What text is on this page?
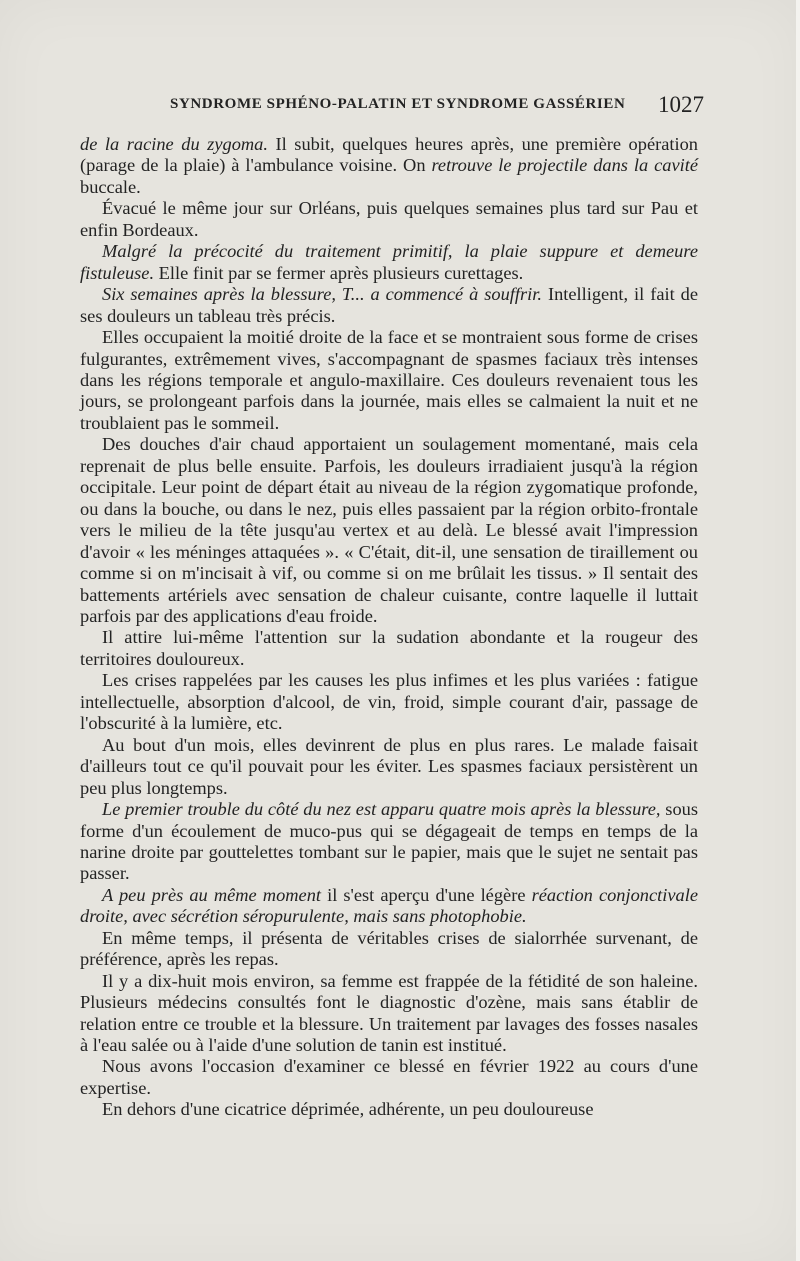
SYNDROME SPHÉNO-PALATIN ET SYNDROME GASSÉRIEN 1027

de la racine du zygoma. Il subit, quelques heures après, une première opération (parage de la plaie) à l'ambulance voisine. On retrouve le projectile dans la cavité buccale.

Évacué le même jour sur Orléans, puis quelques semaines plus tard sur Pau et enfin Bordeaux.

Malgré la précocité du traitement primitif, la plaie suppure et demeure fistuleuse. Elle finit par se fermer après plusieurs curettages.

Six semaines après la blessure, T... a commencé à souffrir. Intelligent, il fait de ses douleurs un tableau très précis.

Elles occupaient la moitié droite de la face et se montraient sous forme de crises fulgurantes, extrêmement vives, s'accompagnant de spasmes faciaux très intenses dans les régions temporale et angulo-maxillaire. Ces douleurs revenaient tous les jours, se prolongeant parfois dans la journée, mais elles se calmaient la nuit et ne troublaient pas le sommeil.

Des douches d'air chaud apportaient un soulagement momentané, mais cela reprenait de plus belle ensuite. Parfois, les douleurs irradiaient jusqu'à la région occipitale. Leur point de départ était au niveau de la région zygomatique profonde, ou dans la bouche, ou dans le nez, puis elles passaient par la région orbito-frontale vers le milieu de la tête jusqu'au vertex et au delà. Le blessé avait l'impression d'avoir « les méninges attaquées ». « C'était, dit-il, une sensation de tiraillement ou comme si on m'incisait à vif, ou comme si on me brûlait les tissus. » Il sentait des battements artériels avec sensation de chaleur cuisante, contre laquelle il luttait parfois par des applications d'eau froide.

Il attire lui-même l'attention sur la sudation abondante et la rougeur des territoires douloureux.

Les crises rappelées par les causes les plus infimes et les plus variées : fatigue intellectuelle, absorption d'alcool, de vin, froid, simple courant d'air, passage de l'obscurité à la lumière, etc.

Au bout d'un mois, elles devinrent de plus en plus rares. Le malade faisait d'ailleurs tout ce qu'il pouvait pour les éviter. Les spasmes faciaux persistèrent un peu plus longtemps.

Le premier trouble du côté du nez est apparu quatre mois après la blessure, sous forme d'un écoulement de muco-pus qui se dégageait de temps en temps de la narine droite par gouttelettes tombant sur le papier, mais que le sujet ne sentait pas passer.

A peu près au même moment il s'est aperçu d'une légère réaction conjonctivale droite, avec sécrétion séropurulente, mais sans photophobie.

En même temps, il présenta de véritables crises de sialorrhée survenant, de préférence, après les repas.

Il y a dix-huit mois environ, sa femme est frappée de la fétidité de son haleine. Plusieurs médecins consultés font le diagnostic d'ozène, mais sans établir de relation entre ce trouble et la blessure. Un traitement par lavages des fosses nasales à l'eau salée ou à l'aide d'une solution de tanin est institué.

Nous avons l'occasion d'examiner ce blessé en février 1922 au cours d'une expertise.

En dehors d'une cicatrice déprimée, adhérente, un peu douloureuse
